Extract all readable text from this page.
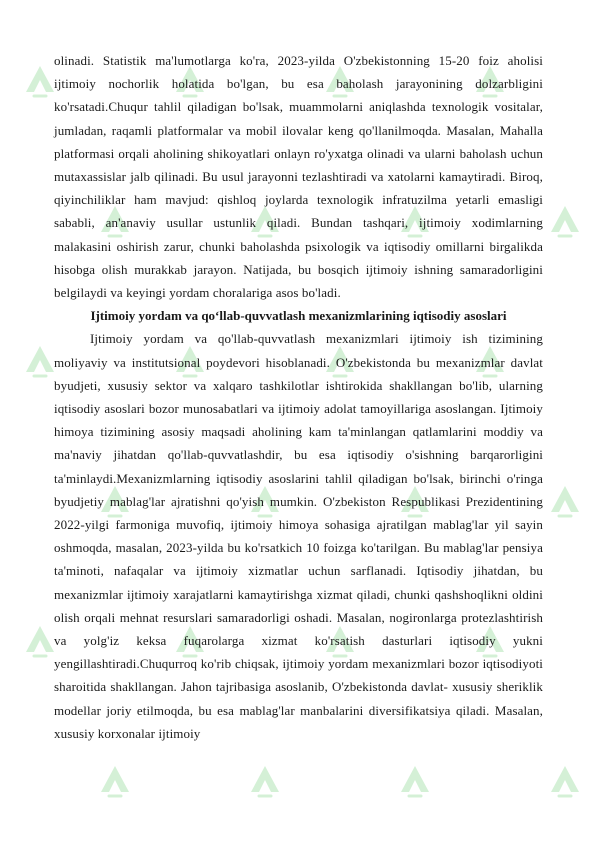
olinadi. Statistik ma'lumotlarga ko'ra, 2023-yilda O'zbekistonning 15-20 foiz aholisi ijtimoiy nochorlik holatida bo'lgan, bu esa baholash jarayonining dolzarbligini ko'rsatadi.Chuqur tahlil qiladigan bo'lsak, muammolarni aniqlashda texnologik vositalar, jumladan, raqamli platformalar va mobil ilovalar keng qo'llanilmoqda. Masalan, Mahalla platformasi orqali aholining shikoyatlari onlayn ro'yxatga olinadi va ularni baholash uchun mutaxassislar jalb qilinadi. Bu usul jarayonni tezlashtiradi va xatolarni kamaytiradi. Biroq, qiyinchiliklar ham mavjud: qishloq joylarda texnologik infratuzilma yetarli emasligi sababli, an'anaviy usullar ustunlik qiladi. Bundan tashqari, ijtimoiy xodimlarning malakasini oshirish zarur, chunki baholashda psixologik va iqtisodiy omillarni birgalikda hisobga olish murakkab jarayon. Natijada, bu bosqich ijtimoiy ishning samaradorligini belgilaydi va keyingi yordam choralariga asos bo'ladi.

Ijtimoiy yordam va qo‘llab-quvvatlash mexanizmlarining iqtisodiy asoslari

Ijtimoiy yordam va qo'llab-quvvatlash mexanizmlari ijtimoiy ish tizimining moliyaviy va institutsional poydevori hisoblanadi. O'zbekistonda bu mexanizmlar davlat byudjeti, xususiy sektor va xalqaro tashkilotlar ishtirokida shakllangan bo'lib, ularning iqtisodiy asoslari bozor munosabatlari va ijtimoiy adolat tamoyillariga asoslangan. Ijtimoiy himoya tizimining asosiy maqsadi aholining kam ta'minlangan qatlamlarini moddiy va ma'naviy jihatdan qo'llab-quvvatlashdir, bu esa iqtisodiy o'sishning barqarorligini ta'minlaydi.Mexanizmlarning iqtisodiy asoslarini tahlil qiladigan bo'lsak, birinchi o'ringa byudjetiy mablag'lar ajratishni qo'yish mumkin. O'zbekiston Respublikasi Prezidentining 2022-yilgi farmoniga muvofiq, ijtimoiy himoya sohasiga ajratilgan mablag'lar yil sayin oshmoqda, masalan, 2023-yilda bu ko'rsatkich 10 foizga ko'tarilgan. Bu mablag'lar pensiya ta'minoti, nafaqalar va ijtimoiy xizmatlar uchun sarflanadi. Iqtisodiy jihatdan, bu mexanizmlar ijtimoiy xarajatlarni kamaytirishga xizmat qiladi, chunki qashshoqlikni oldini olish orqali mehnat resurslari samaradorligi oshadi. Masalan, nogironlarga protezlashtirish va yolg'iz keksa fuqarolarga xizmat ko'rsatish dasturlari iqtisodiy yukni yengillashtiradi.Chuqurroq ko'rib chiqsak, ijtimoiy yordam mexanizmlari bozor iqtisodiyoti sharoitida shakllangan. Jahon tajribasiga asoslanib, O'zbekistonda davlat- xususiy sheriklik modellar joriy etilmoqda, bu esa mablag'lar manbalarini diversifikatsiya qiladi. Masalan, xususiy korxonalar ijtimoiy
